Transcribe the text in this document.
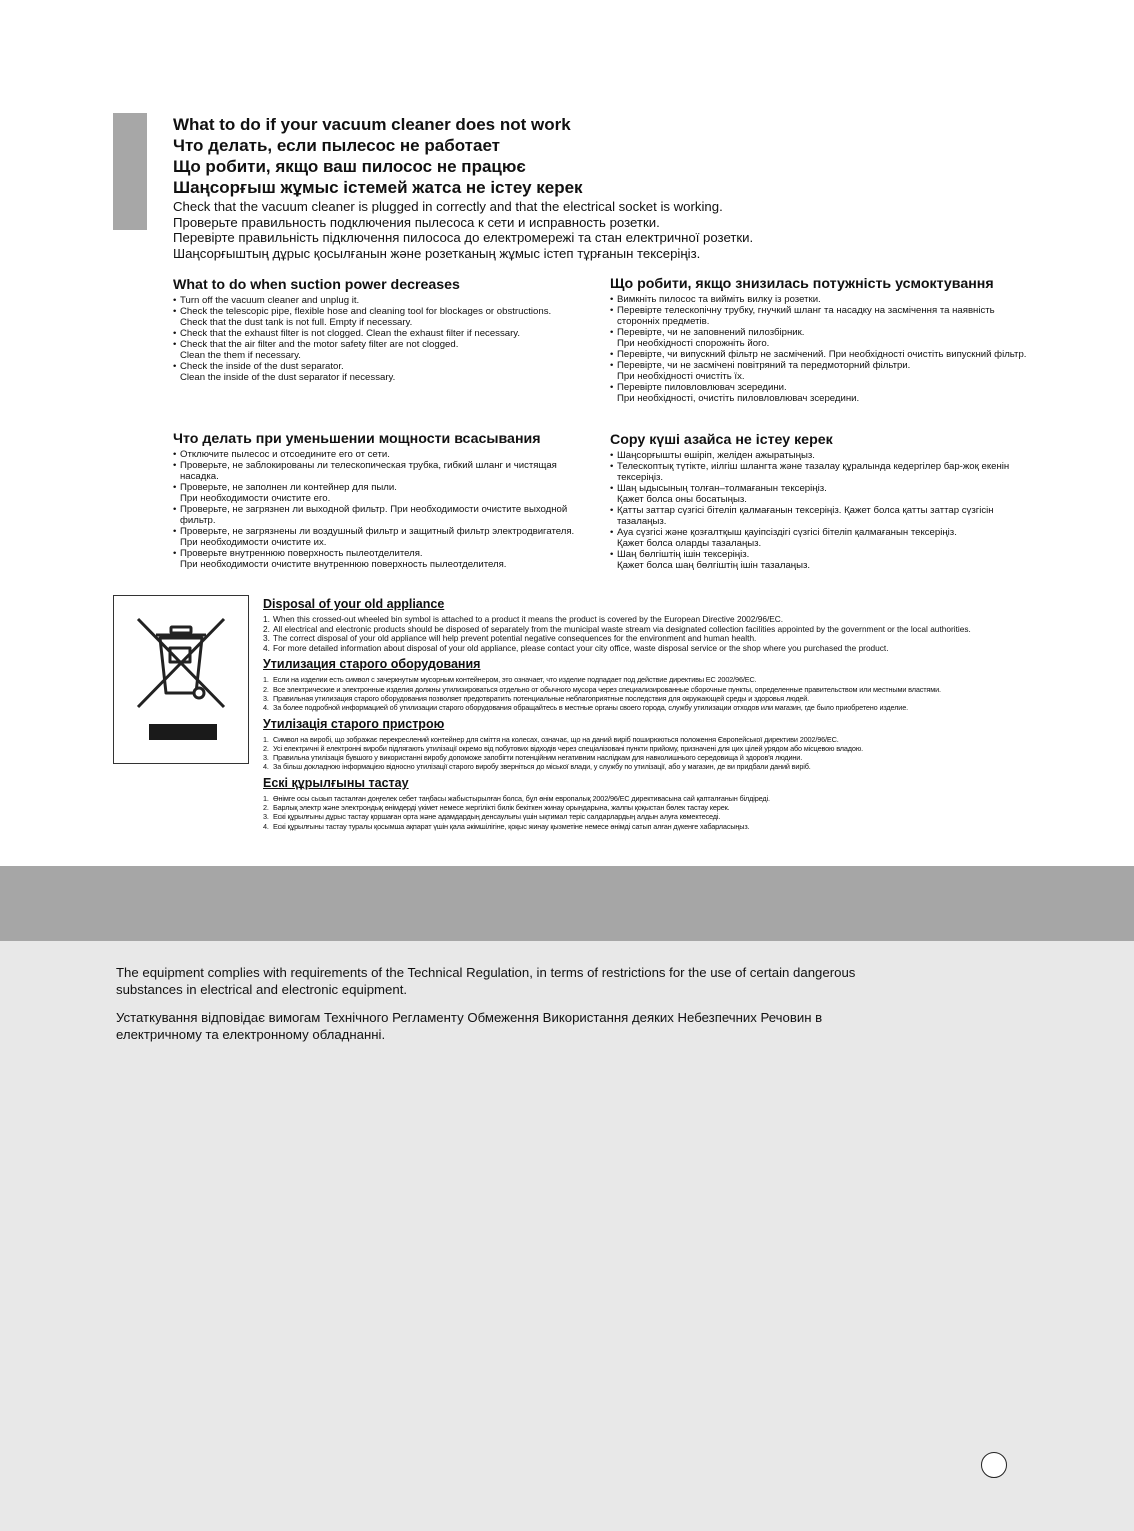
What to do if your vacuum cleaner does not work
Что делать, если пылесос не работает
Що робити, якщо ваш пилосос не працює
Шаңсорғыш жұмыс істемей жатса не істеу керек

Check that the vacuum cleaner is plugged in correctly and that the electrical socket is working.

Проверьте правильность подключения пылесоса к сети и исправность розетки.

Перевірте правильність підключення пилососа до електромережі та стан електричної розетки.

Шаңсорғыштың дұрыс қосылғанын және розетканың жұмыс істеп тұрғанын тексеріңіз.

What to do when suction power decreases
• Turn off the vacuum cleaner and unplug it.
• Check the telescopic pipe, flexible hose and cleaning tool for blockages or obstructions.
Check that the dust tank is not full. Empty if necessary.
• Check that the exhaust filter is not clogged. Clean the exhaust filter if necessary.
• Check that the air filter and the motor safety filter are not clogged.
Clean the them if necessary.
• Check the inside of the dust separator.
Clean the inside of the dust separator if necessary.
Що робити, якщо знизилась потужність усмоктування
• Вимкніть пилосос та вийміть вилку із розетки.
• Перевірте телескопічну трубку, гнучкий шланг та насадку на засмічення та наявність сторонніх предметів.
• Перевірте, чи не заповнений пилозбірник.
При необхідності спорожніть його.
• Перевірте, чи випускний фільтр не засмічений. При необхідності очистіть випускний фільтр.
• Перевірте, чи не засмічені повітряний та передмоторний фільтри.
При необхідності очистіть їх.
• Перевірте пиловловлювач зсередини.
При необхідності, очистіть пиловловлювач зсередини.
Что делать при уменьшении мощности всасывания
• Отключите пылесос и отсоедините его от сети.
• Проверьте, не заблокированы ли телескопическая трубка, гибкий шланг и чистящая насадка.
• Проверьте, не заполнен ли контейнер для пыли.
При необходимости очистите его.
• Проверьте, не загрязнен ли выходной фильтр. При необходимости очистите выходной фильтр.
• Проверьте, не загрязнены ли воздушный фильтр и защитный фильтр электродвигателя.
При необходимости очистите их.
• Проверьте внутреннюю поверхность пылеотделителя.
При необходимости очистите внутреннюю поверхность пылеотделителя.
Сору күші азайса не істеу керек
• Шаңсорғышты өшіріп, желіден ажыратыңыз.
• Телескоптық түтікте, иілгіш шлангта және тазалау құралында кедергілер бар-жоқ екенін тексеріңіз.
• Шаң ыдысының толған–толмағанын тексеріңіз.
Қажет болса оны босатыңыз.
• Қатты заттар сүзгісі бітеліп қалмағанын тексеріңіз. Қажет болса қатты заттар сүзгісін тазалаңыз.
• Ауа сүзгісі және қозғалтқыш қауіпсіздігі сүзгісі бітеліп қалмағанын тексеріңіз.
Қажет болса оларды тазалаңыз.
• Шаң бөлгіштің ішін тексеріңіз.
Қажет болса шаң бөлгіштің ішін тазалаңыз.
Disposal of your old appliance
1. When this crossed-out wheeled bin symbol is attached to a product it means the product is covered by the European Directive 2002/96/EC.
2. All electrical and electronic products should be disposed of separately from the municipal waste stream via designated collection facilities appointed by the government or the local authorities.
3. The correct disposal of your old appliance will help prevent potential negative consequences for the environment and human health.
4. For more detailed information about disposal of your old appliance, please contact your city office, waste disposal service or the shop where you purchased the product.
Утилизация старого оборудования
1. Если на изделии есть символ с зачеркнутым мусорным контейнером, это означает, что изделие подпадает под действие директивы ЕС 2002/96/EC.
2. Все электрические и электронные изделия должны утилизироваться отдельно от обычного мусора через специализированные сборочные пункты, определенные правительством или местными властями.
3. Правильная утилизация старого оборудования позволяет предотвратить потенциальные неблагоприятные последствия для окружающей среды и здоровья людей.
4. За более подробной информацией об утилизации старого оборудования обращайтесь в местные органы своего города, службу утилизации отходов или магазин, где было приобретено изделие.
Утилізація старого пристрою
1. Символ на виробі, що зображає перекреслений контейнер для сміття на колесах, означає, що на даний виріб поширюються положення Європейської директиви 2002/96/EC.
2. Усі електричні й електронні вироби підлягають утилізації окремо від побутових відходів через спеціалізовані пункти прийому, призначені для цих цілей урядом або місцевою владою.
3. Правильна утилізація бувшого у використанні виробу допоможе запобігти потенційним негативним наслідкам для навколишнього середовища й здоров'я людини.
4. За більш докладною інформацією відносно утилізації старого виробу зверніться до міської влади, у службу по утилізації, або у магазин, де ви придбали даний виріб.
Ескі құрылғыны тастау
1. Өнімге осы сызып тасталған доңғелек себет таңбасы жабыстырылған болса, бұл өнім европалық 2002/96/EC директивасына сай қапталғанын білдіреді.
2. Барлық электр және электрондық өнімдерді үкімет немесе жергілікті билік бекіткен жинау орындарына, жалпы қоқыстан бөлек тастау керек.
3. Ескі құрылғыны дұрыс тастау қоршаған орта және адамдардың денсаулығы үшін ықтимал теріс салдарлардың алдын алуға көмектеседі.
4. Ескі құрылғыны тастау туралы қосымша ақпарат үшін қала әкімшілігіне, қоқыс жинау қызметіне немесе өнімді сатып алған дүкенге хабарласыңыз.

The equipment complies with requirements of the Technical Regulation, in terms of restrictions for the use of certain dangerous substances in electrical and electronic equipment.

Устаткування відповідає вимогам Технічного Регламенту Обмеження Використання деяких Небезпечних Речовин в електричному та електронному обладнанні.
